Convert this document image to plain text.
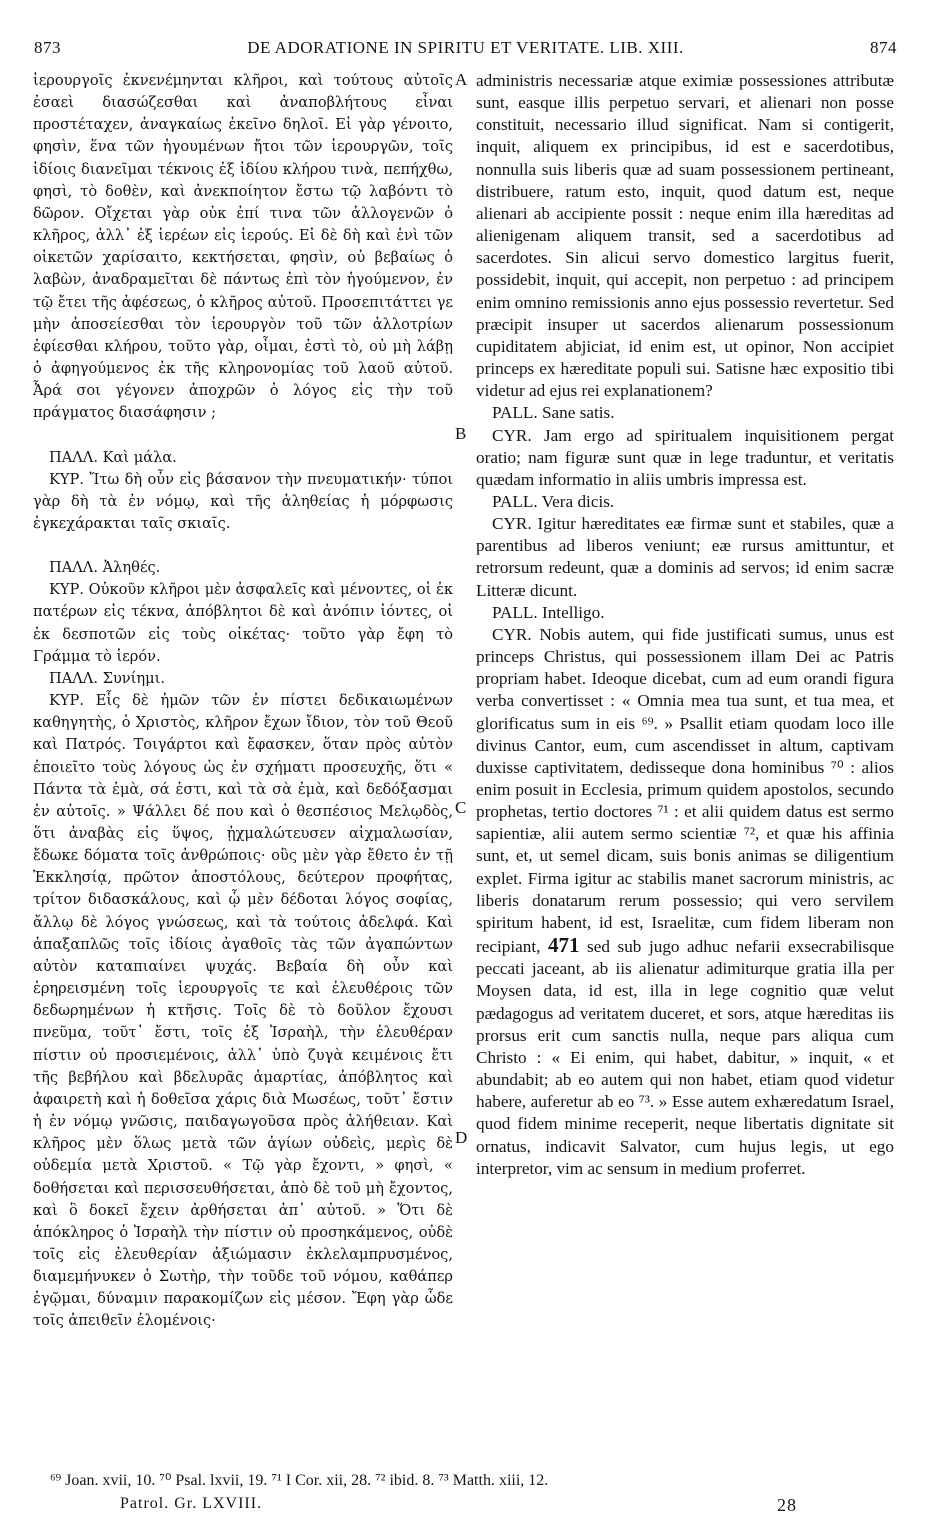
873	DE ADORATIONE IN SPIRITU ET VERITATE. LIB. XIII.	874

ἱερουργοῖς ἐκνενέμηνται κλῆροι, καὶ τούτους αὐτοῖς ἐσαεὶ διασώζεσθαι καὶ ἀναποβλήτους εἶναι προστέταχεν, ἀναγκαίως ἐκεῖνο δηλοῖ. Εἰ γὰρ γένοιτο, φησὶν, ἕνα τῶν ἡγουμένων ἤτοι τῶν ἱερουργῶν, τοῖς ἰδίοις διανεῖμαι τέκνοις ἐξ ἰδίου κλήρου τινὰ, πεπήχθω, φησὶ, τὸ δοθὲν, καὶ ἀνεκποίητον ἔστω τῷ λαβόντι τὸ δῶρον. Οἴχεται γὰρ οὐκ ἐπί τινα τῶν ἀλλογενῶν ὁ κλῆρος, ἀλλ᾽ ἐξ ἱερέων εἰς ἱερούς. Εἰ δὲ δὴ καὶ ἑνὶ τῶν οἰκετῶν χαρίσαιτο, κεκτήσεται, φησὶν, οὐ βεβαίως ὁ λαβὼν, ἀναδραμεῖται δὲ πάντως ἐπὶ τὸν ἡγούμενον, ἐν τῷ ἔτει τῆς ἀφέσεως, ὁ κλῆρος αὐτοῦ. Προσεπιτάττει γε μὴν ἀποσείεσθαι τὸν ἱερουργὸν τοῦ τῶν ἀλλοτρίων ἐφίεσθαι κλήρου, τοῦτο γὰρ, οἶμαι, ἐστὶ τὸ, οὐ μὴ λάβῃ ὁ ἀφηγούμενος ἐκ τῆς κληρονομίας τοῦ λαοῦ αὐτοῦ. Ἆρά σοι γέγονεν ἀποχρῶν ὁ λόγος εἰς τὴν τοῦ πράγματος διασάφησιν ;

ΠΑΛΛ. Καὶ μάλα.

ΚΥΡ. Ἴτω δὴ οὖν εἰς βάσανον τὴν πνευματικήν· τύποι γὰρ δὴ τὰ ἐν νόμῳ, καὶ τῆς ἀληθείας ἡ μόρφωσις ἐγκεχάρακται ταῖς σκιαῖς.

ΠΑΛΛ. Ἀληθές.

ΚΥΡ. Οὐκοῦν κλῆροι μὲν ἀσφαλεῖς καὶ μένοντες, οἱ ἐκ πατέρων εἰς τέκνα, ἀπόβλητοι δὲ καὶ ἀνόπιν ἰόντες, οἱ ἐκ δεσποτῶν εἰς τοὺς οἰκέτας· τοῦτο γὰρ ἔφη τὸ Γράμμα τὸ ἱερόν.

ΠΑΛΛ. Συνίημι.

ΚΥΡ. Εἷς δὲ ἡμῶν τῶν ἐν πίστει δεδικαιωμένων καθηγητὴς, ὁ Χριστὸς, κλῆρον ἔχων ἴδιον, τὸν τοῦ Θεοῦ καὶ Πατρός. Τοιγάρτοι καὶ ἔφασκεν, ὅταν πρὸς αὐτὸν ἐποιεῖτο τοὺς λόγους ὡς ἐν σχήματι προσευχῆς, ὅτι « Πάντα τὰ ἐμὰ, σά ἐστι, καὶ τὰ σὰ ἐμὰ, καὶ δεδόξασμαι ἐν αὐτοῖς. » Ψάλλει δέ που καὶ ὁ θεσπέσιος Μελῳδὸς, ὅτι ἀναβὰς εἰς ὕψος, ᾐχμαλώτευσεν αἰχμαλωσίαν, ἔδωκε δόματα τοῖς ἀνθρώποις· οὓς μὲν γὰρ ἔθετο ἐν τῇ Ἐκκλησίᾳ, πρῶτον ἀποστόλους, δεύτερον προφήτας, τρίτον διδασκάλους, καὶ ᾧ μὲν δέδοται λόγος σοφίας, ἄλλῳ δὲ λόγος γνώσεως, καὶ τὰ τούτοις ἀδελφά. Καὶ ἁπαξαπλῶς τοῖς ἰδίοις ἀγαθοῖς τὰς τῶν ἀγαπώντων αὐτὸν καταπιαίνει ψυχάς. Βεβαία δὴ οὖν καὶ ἐρηρεισμένη τοῖς ἱερουργοῖς τε καὶ ἐλευθέροις τῶν δεδωρημένων ἡ κτῆσις. Τοῖς δὲ τὸ δοῦλον ἔχουσι πνεῦμα, τοῦτ᾽ ἔστι, τοῖς ἐξ Ἰσραὴλ, τὴν ἐλευθέραν πίστιν οὐ προσιεμένοις, ἀλλ᾽ ὑπὸ ζυγὰ κειμένοις ἔτι τῆς βεβήλου καὶ βδελυρᾶς ἁμαρτίας, ἀπόβλητος καὶ ἀφαιρετὴ καὶ ἡ δοθεῖσα χάρις διὰ Μωσέως, τοῦτ᾽ ἔστιν ἡ ἐν νόμῳ γνῶσις, παιδαγωγοῦσα πρὸς ἀλήθειαν. Καὶ κλῆρος μὲν ὅλως μετὰ τῶν ἁγίων οὐδεὶς, μερὶς δὲ οὐδεμία μετὰ Χριστοῦ. « Τῷ γὰρ ἔχοντι, » φησὶ, « δοθήσεται καὶ περισσευθήσεται, ἀπὸ δὲ τοῦ μὴ ἔχοντος, καὶ ὃ δοκεῖ ἔχειν ἀρθήσεται ἀπ᾽ αὐτοῦ. » Ὅτι δὲ ἀπόκληρος ὁ Ἰσραὴλ τὴν πίστιν οὐ προσηκάμενος, οὐδὲ τοῖς εἰς ἐλευθερίαν ἀξιώμασιν ἐκλελαμπρυσμένος, διαμεμήνυκεν ὁ Σωτὴρ, τὴν τοῦδε τοῦ νόμου, καθάπερ ἐγῷμαι, δύναμιν παρακομίζων εἰς μέσον. Ἔφη γὰρ ὧδε τοῖς ἀπειθεῖν ἑλομένοις·

A
B
C
D

administris necessariæ atque eximiæ possessiones attributæ sunt, easque illis perpetuo servari, et alienari non posse constituit, necessario illud significat. Nam si contigerit, inquit, aliquem ex principibus, id est e sacerdotibus, nonnulla suis liberis quæ ad suam possessionem pertineant, distribuere, ratum esto, inquit, quod datum est, neque alienari ab accipiente possit : neque enim illa hæreditas ad alienigenam aliquem transit, sed a sacerdotibus ad sacerdotes. Sin alicui servo domestico largitus fuerit, possidebit, inquit, qui accepit, non perpetuo : ad principem enim omnino remissionis anno ejus possessio revertetur. Sed præcipit insuper ut sacerdos alienarum possessionum cupiditatem abjiciat, id enim est, ut opinor, Non accipiet princeps ex hæreditate populi sui. Satisne hæc expositio tibi videtur ad ejus rei explanationem?

PALL. Sane satis.

CYR. Jam ergo ad spiritualem inquisitionem pergat oratio; nam figuræ sunt quæ in lege traduntur, et veritatis quædam informatio in aliis umbris impressa est.

PALL. Vera dicis.

CYR. Igitur hæreditates eæ firmæ sunt et stabiles, quæ a parentibus ad liberos veniunt; eæ rursus amittuntur, et retrorsum redeunt, quæ a dominis ad servos; id enim sacræ Litteræ dicunt.

PALL. Intelligo.

CYR. Nobis autem, qui fide justificati sumus, unus est princeps Christus, qui possessionem illam Dei ac Patris propriam habet. Ideoque dicebat, cum ad eum orandi figura verba convertisset : « Omnia mea tua sunt, et tua mea, et glorificatus sum in eis ⁶⁹. » Psallit etiam quodam loco ille divinus Cantor, eum, cum ascendisset in altum, captivam duxisse captivitatem, dedisseque dona hominibus ⁷⁰ : alios enim posuit in Ecclesia, primum quidem apostolos, secundo prophetas, tertio doctores ⁷¹ : et alii quidem datus est sermo sapientiæ, alii autem sermo scientiæ ⁷², et quæ his affinia sunt, et, ut semel dicam, suis bonis animas se diligentium explet. Firma igitur ac stabilis manet sacrorum ministris, ac liberis donatarum rerum possessio; qui vero servilem spiritum habent, id est, Israelitæ, cum fidem liberam non recipiant, 471 sed sub jugo adhuc nefarii exsecrabilisque peccati jaceant, ab iis alienatur adimiturque gratia illa per Moysen data, id est, illa in lege cognitio quæ velut pædagogus ad veritatem duceret, et sors, atque hæreditas iis prorsus erit cum sanctis nulla, neque pars aliqua cum Christo : « Ei enim, qui habet, dabitur, » inquit, « et abundabit; ab eo autem qui non habet, etiam quod videtur habere, auferetur ab eo ⁷³. » Esse autem exhæredatum Israel, quod fidem minime receperit, neque libertatis dignitate sit ornatus, indicavit Salvator, cum hujus legis, ut ego interpretor, vim ac sensum in medium proferret.

⁶⁹ Joan. xvii, 10. ⁷⁰ Psal. lxvii, 19. ⁷¹ I Cor. xii, 28. ⁷² ibid. 8. ⁷³ Matth. xiii, 12.
Patrol. Gr. LXVIII.	28
